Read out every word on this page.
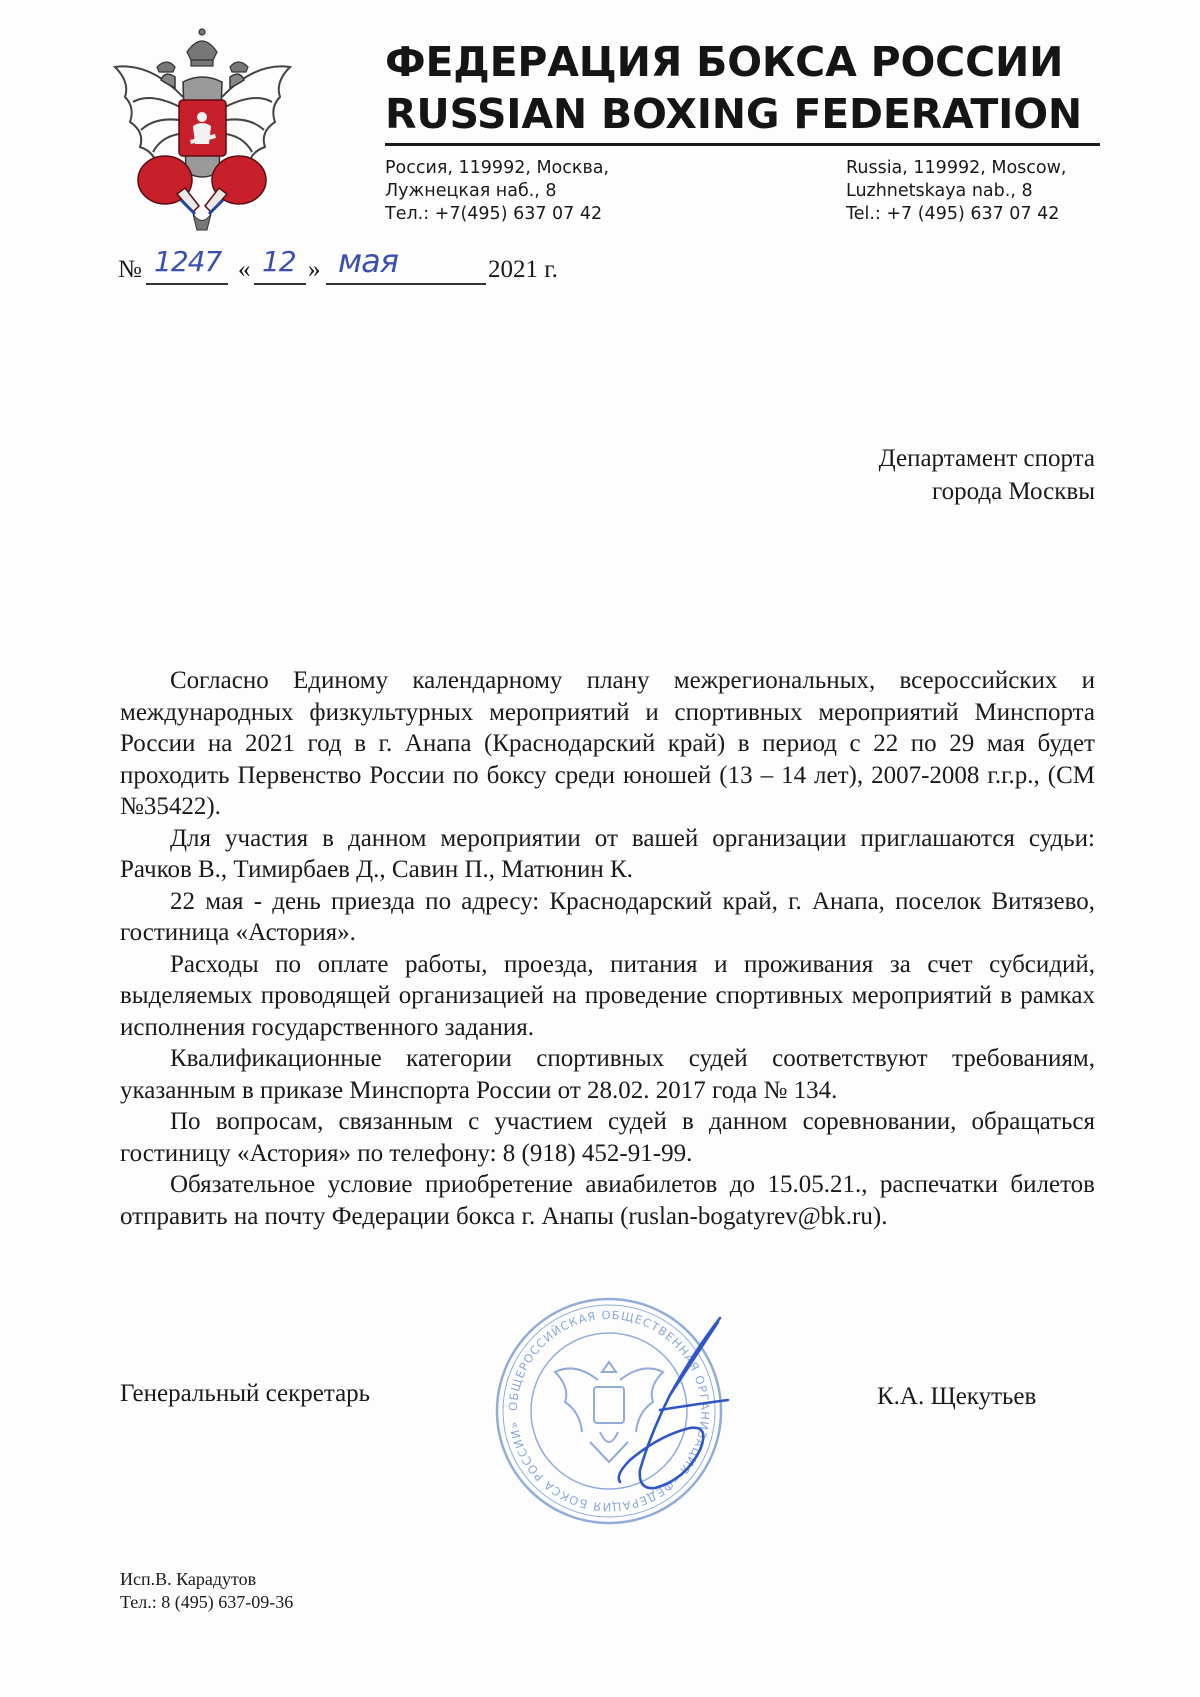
ФЕДЕРАЦИЯ БОКСА РОССИИ
RUSSIAN BOXING FEDERATION
Россия, 119992, Москва,
Лужнецкая наб., 8
Тел.: +7(495) 637 07 42
Russia, 119992, Moscow,
Luzhnetskaya nab., 8
Tel.: +7 (495) 637 07 42
№ 1247 « 12 » мая	2021 г.
Департамент спорта
города Москвы

Согласно Единому календарному плану межрегиональных, всероссийских и международных физкультурных мероприятий и спортивных мероприятий Минспорта России на 2021 год в г. Анапа (Краснодарский край) в период с 22 по 29 мая будет проходить Первенство России по боксу среди юношей (13 – 14 лет), 2007-2008 г.г.р., (СМ №35422).

Для участия в данном мероприятии от вашей организации приглашаются судьи: Рачков В., Тимирбаев Д., Савин П., Матюнин К.

22 мая - день приезда по адресу: Краснодарский край, г. Анапа, поселок Витязево, гостиница «Астория».

Расходы по оплате работы, проезда, питания и проживания за счет субсидий, выделяемых проводящей организацией на проведение спортивных мероприятий в рамках исполнения государственного задания.

Квалификационные категории спортивных судей соответствуют требованиям, указанным в приказе Минспорта России от 28.02. 2017 года № 134.

По вопросам, связанным с участием судей в данном соревновании, обращаться гостиницу «Астория» по телефону: 8 (918) 452-91-99.

Обязательное условие приобретение авиабилетов до 15.05.21., распечатки билетов отправить на почту Федерации бокса г. Анапы (ruslan-bogatyrev@bk.ru).

Генеральный секретарь	ОБЩЕРОССИЙСКАЯ ОБЩЕСТВЕННАЯ ОРГАНИЗАЦИЯ «ФЕДЕРАЦИЯ БОКСА РОССИИ»
К.А. Щекутьев
Исп.В. Карадутов
Тел.: 8 (495) 637-09-36
